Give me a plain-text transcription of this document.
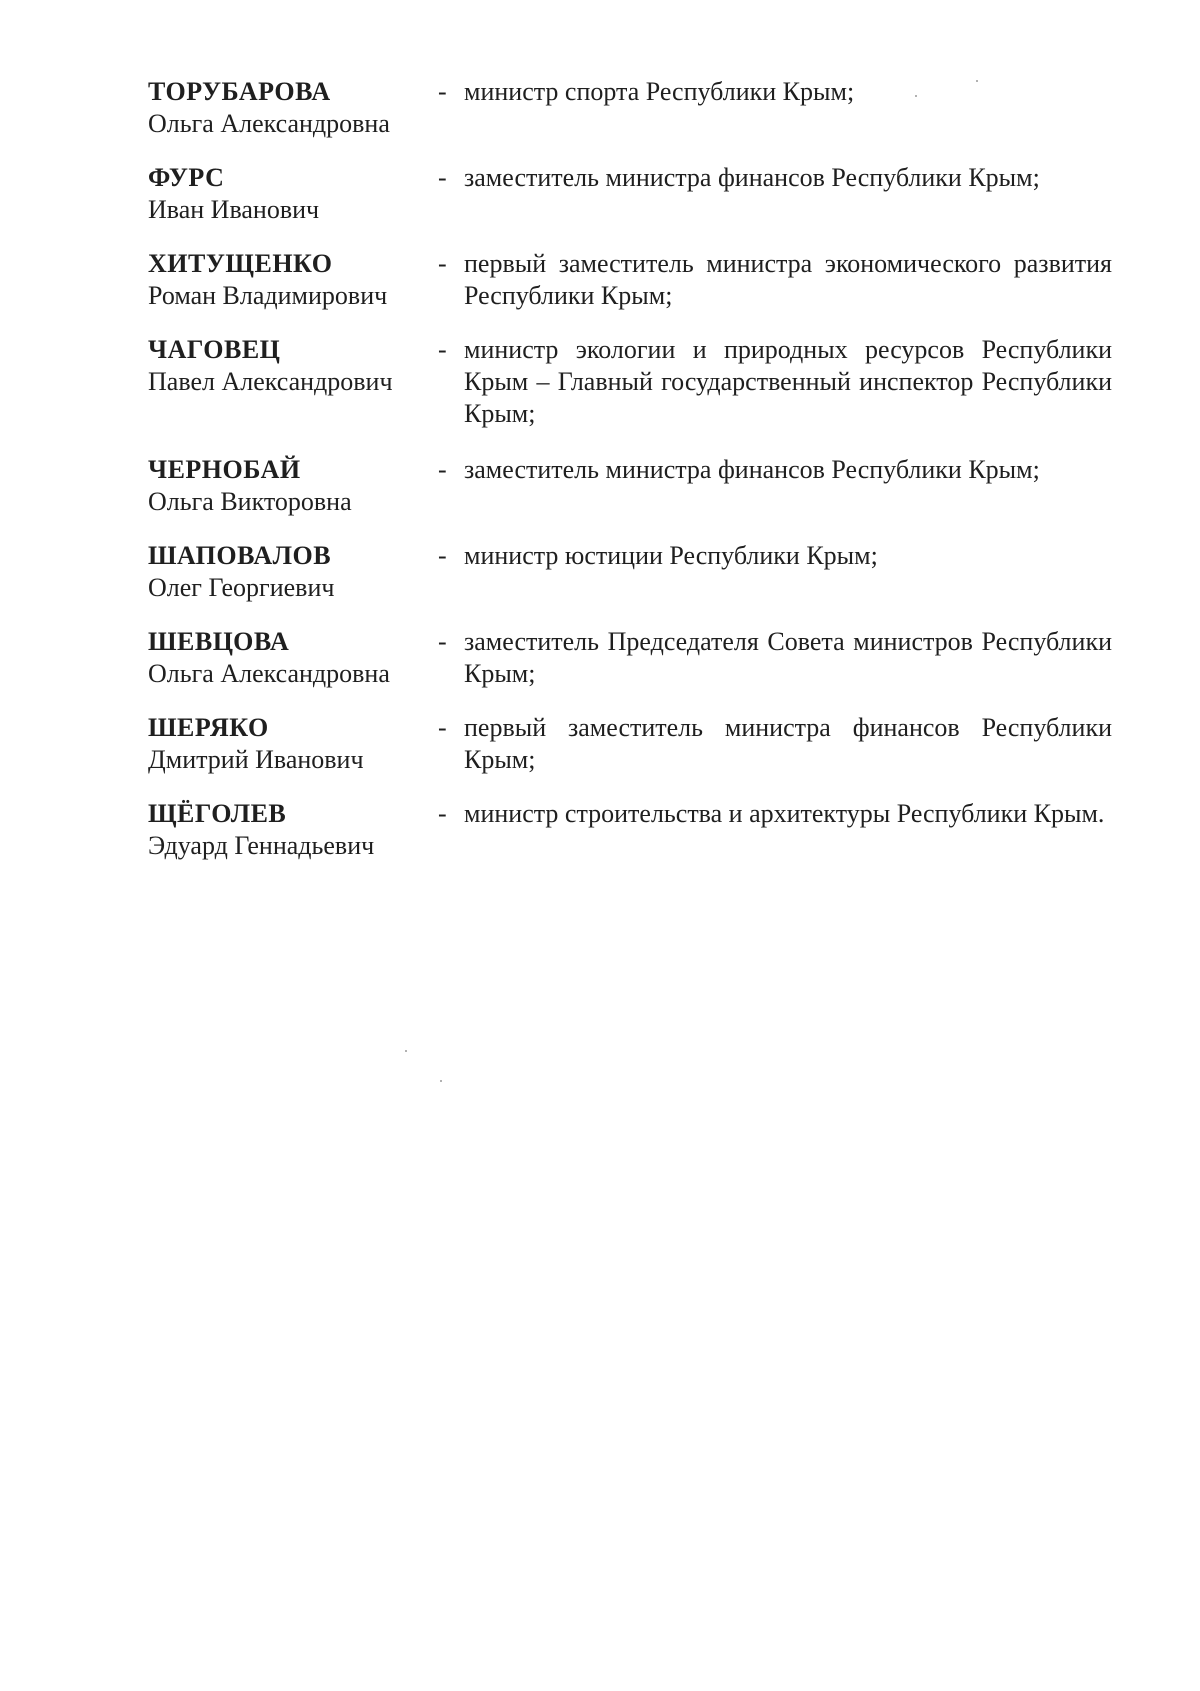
ТОРУБАРОВА
Ольга Александровна
- министр спорта Республики Крым;
ФУРС
Иван Иванович
- заместитель министра финансов Республики Крым;
ХИТУЩЕНКО
Роман Владимирович
- первый заместитель министра экономического развития Республики Крым;
ЧАГОВЕЦ
Павел Александрович
- министр экологии и природных ресурсов Республики Крым – Главный государственный инспектор Республики Крым;
ЧЕРНОБАЙ
Ольга Викторовна
- заместитель министра финансов Республики Крым;
ШАПОВАЛОВ
Олег Георгиевич
- министр юстиции Республики Крым;
ШЕВЦОВА
Ольга Александровна
- заместитель Председателя Совета министров Республики Крым;
ШЕРЯКО
Дмитрий Иванович
- первый заместитель министра финансов Республики Крым;
ЩЁГОЛЕВ
Эдуард Геннадьевич
- министр строительства и архитектуры Республики Крым.
